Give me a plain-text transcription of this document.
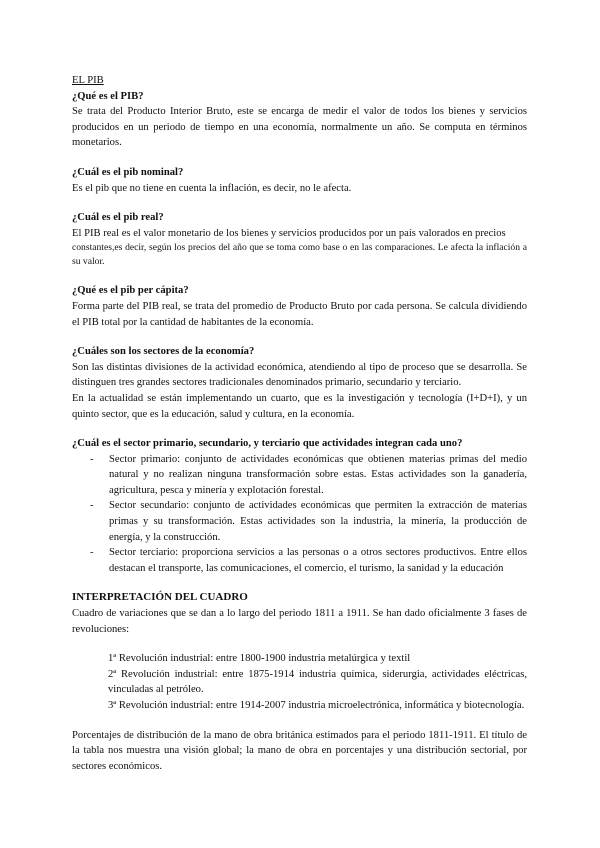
EL PIB

¿Qué es el PIB?

Se trata del Producto Interior Bruto, este se encarga de medir el valor de todos los bienes y servicios producidos en un periodo de tiempo en una economía, normalmente un año. Se computa en términos monetarios.

¿Cuál es el pib nominal?

Es el pib que no tiene en cuenta la inflación, es decir, no le afecta.

¿Cuál es el pib real?

El PIB real es el valor monetario de los bienes y servicios producidos por un país valorados en precios

constantes,es decir, según los precios del año que se toma como base o en las comparaciones. Le afecta la inflación a su valor.

¿Qué es el pib per cápita?

Forma parte del PIB real, se trata del promedio de Producto Bruto por cada persona. Se calcula dividiendo el PIB total por la cantidad de habitantes de la economía.

¿Cuáles son los sectores de la economía?

Son las distintas divisiones de la actividad económica, atendiendo al tipo de proceso que se desarrolla. Se distinguen tres grandes sectores tradicionales denominados primario, secundario y terciario.

En la actualidad se están implementando un cuarto, que es la investigación y tecnología (I+D+I), y un quinto sector, que es la educación, salud y cultura, en la economía.

¿Cuál es el sector primario, secundario, y terciario que actividades integran cada uno?

- Sector primario: conjunto de actividades económicas que obtienen materias primas del medio natural y no realizan ninguna transformación sobre estas. Estas actividades son la ganadería, agricultura, pesca y minería y explotación forestal.
- Sector secundario: conjunto de actividades económicas que permiten la extracción de materias primas y su transformación. Estas actividades son la industria, la minería, la producción de energía, y la construcción.
- Sector terciario: proporciona servicios a las personas o a otros sectores productivos. Entre ellos destacan el transporte, las comunicaciones, el comercio, el turismo, la sanidad y la educación

INTERPRETACIÓN DEL CUADRO

Cuadro de variaciones que se dan a lo largo del periodo 1811 a 1911. Se han dado oficialmente 3 fases de revoluciones:

1ª Revolución industrial: entre 1800-1900 industria metalúrgica y textil

2ª Revolución industrial: entre 1875-1914 industria química, siderurgia, actividades eléctricas, vinculadas al petróleo.

3ª Revolución industrial: entre 1914-2007 industria microelectrónica, informática y biotecnología.

Porcentajes de distribución de la mano de obra británica estimados para el periodo 1811-1911. El título de la tabla nos muestra una visión global; la mano de obra en porcentajes y una distribución sectorial, por sectores económicos.
